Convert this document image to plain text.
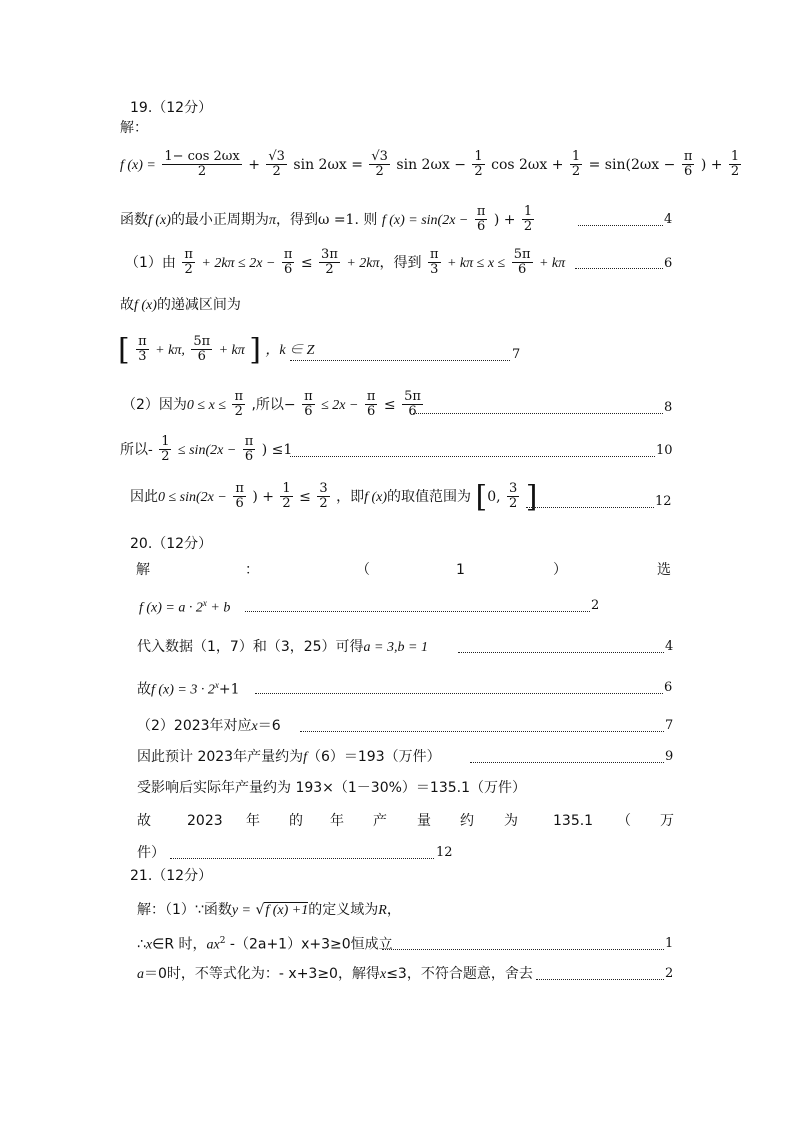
19.（12分）
解：
f $(x) = \frac{1- \cos 2\omega x}{2} + \frac{√3}{2}$ $\sin 2\omega x = \frac{√3}{2}$ $\sin 2\omega x - \frac{1}{2}$ $\cos 2\omega x + \frac{1}{2} = \sin(2\omega x - \frac{\pi}{6}$ ) + $\frac{1}{2}$
函数f (x)的最小正周期为π，得到ω =1. 则 f $(x) = \sin(2x - \frac{\pi}{6}$ ) + $\frac{1}{2}$	4
（1）由 $\frac{\pi}{2} + 2k\pi \le 2x - \frac{\pi}{6} \le \frac{3\pi}{2} + 2k\pi$，得到 $\frac{\pi}{3} + k\pi \le x \le \frac{5\pi}{6} + k\pi$	6
故f (x)的递减区间为
[ $\frac{\pi}{3} + k\pi$, $\frac{5\pi}{6} + k\pi$ ] ，k ∈ Z	7
（2）因为$0 \le x \le \frac{\pi}{2}$ ,所以− $\frac{\pi}{6} \le 2x - \frac{\pi}{6} \le \frac{5\pi}{6}$	8
所以- $\frac{1}{2} \le \sin(2x - \frac{\pi}{6}$ ) ≤1	10
因此$0 \le \sin(2x - \frac{\pi}{6}$ ) + $\frac{1}{2} \le \frac{3}{2}$ ，即f (x)的取值范围为 [0, $\frac{3}{2}$ ]	12
20.（12分）
解	：	（	1	）	选
f $(x) = a \cdot 2^x + b$	2
代入数据（1，7）和（3，25）可得a = 3,b = 1	4
故f $(x) = 3 \cdot 2^x+1$	6
（2）2023年对应x＝6	7
因此预计 2023年产量约为f（6）＝193（万件）	9
受影响后实际年产量约为 193×（1－30%）＝135.1（万件）
故	2023 年 的 年 产 量 约 为	135.1 （ 万
件）	12
21.（12分）
解：（1）∵函数y = √f (x) +1的定义域为R，
∴x∈R 时，$ax^2$ -（2a+1）x+3≥0恒成立	1
a＝0时，不等式化为：- x+3≥0，解得x≤3，不符合题意，舍去	2
